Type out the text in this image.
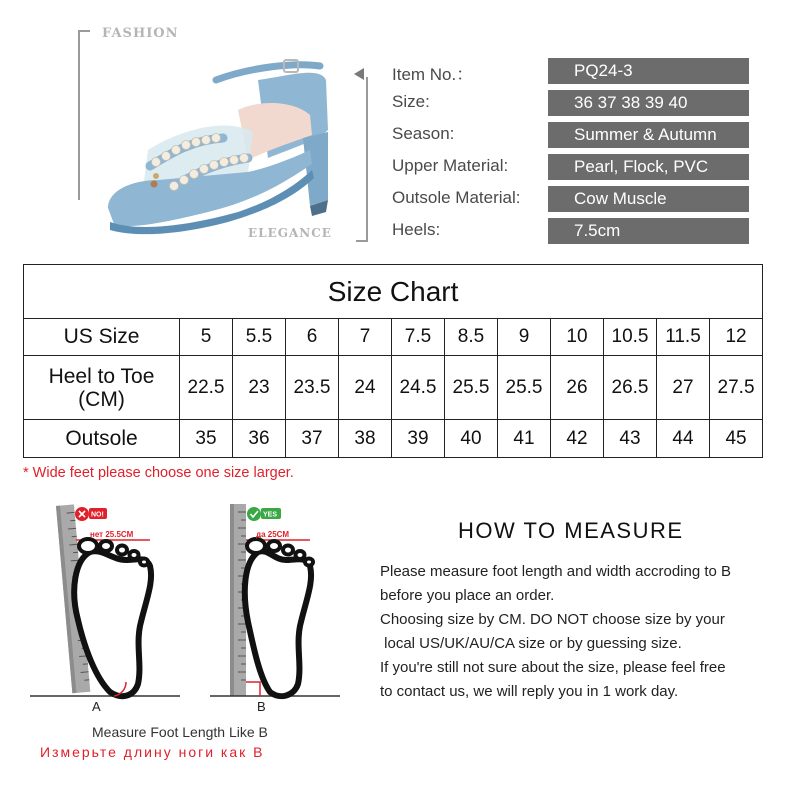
FASHION
ELEGANCE
Item No.：	PQ24-3
Size:	36 37 38 39 40
Season:	Summer & Autumn
Upper Material:	Pearl, Flock, PVC
Outsole Material:	Cow Muscle
Heels:	7.5cm
Size Chart											
US Size	5	5.5	6	7	7.5	8.5	9	10	10.5	11.5	12
Heel to Toe
(CM)	22.5	23	23.5	24	24.5	25.5	25.5	26	26.5	27	27.5
Outsole	35	36	37	38	39	40	41	42	43	44	45
* Wide feet please choose one size larger.
NO!
нет 25.5CM
YES
да 25CM
A	B
Measure Foot Length Like B
Измерьте длину ноги как В
HOW TO MEASURE
Please measure foot length and width accroding to B
before you place an order.
Choosing size by CM. DO NOT choose size by your
local US/UK/AU/CA size or by guessing size.
If you're still not sure about the size, please feel free
to contact us, we will reply you in 1 work day.
